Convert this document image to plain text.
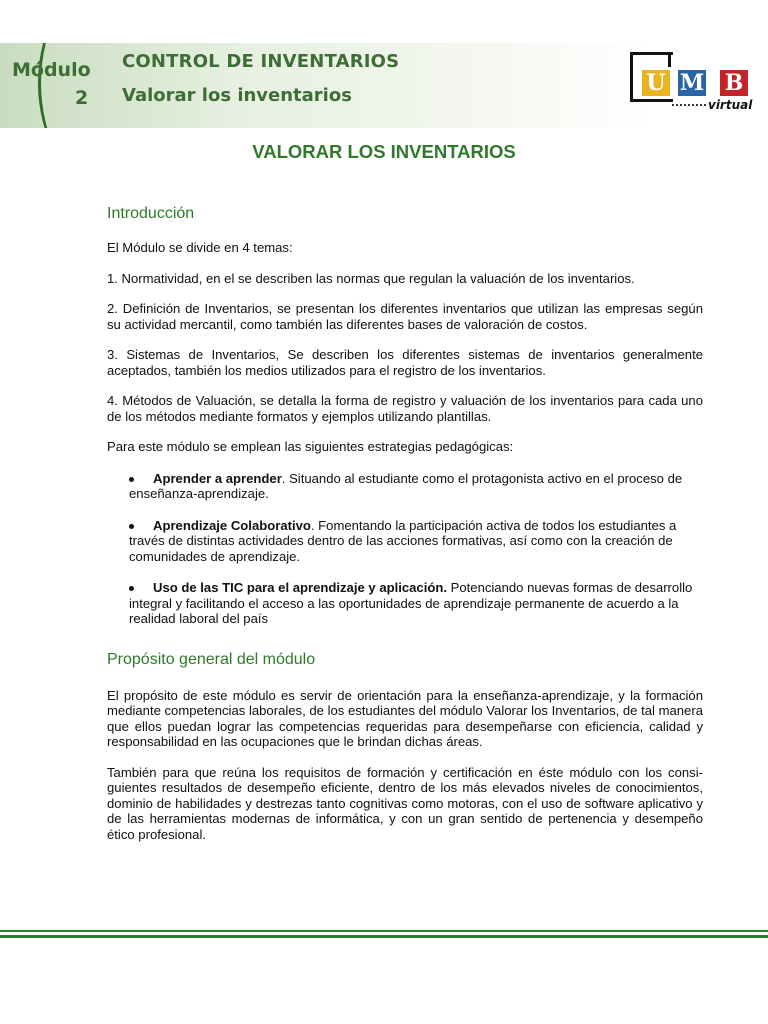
Módulo
2
CONTROL DE INVENTARIOS
Valorar los inventarios	U M B
virtual
VALORAR LOS INVENTARIOS
Introducción

El Módulo se divide en 4 temas:

1. Normatividad, en el se describen las normas que regulan la valuación de los inventarios.

2. Definición de Inventarios, se presentan los diferentes inventarios que utilizan las empresas según su actividad mercantil, como también las diferentes bases de valoración de costos.

3. Sistemas de Inventarios, Se describen los diferentes sistemas de inventarios generalmente aceptados, también los medios utilizados para el registro de los inventarios.

4. Métodos de Valuación, se detalla la forma de registro y valuación de los inventarios para cada uno de los métodos mediante formatos y ejemplos utilizando plantillas.

Para este módulo se emplean las siguientes estrategias pedagógicas:

Aprender a aprender. Situando al estudiante como el protagonista activo en el proceso de enseñanza-aprendizaje.
Aprendizaje Colaborativo. Fomentando la participación activa de todos los estudiantes a través de distintas actividades dentro de las acciones formativas, así como con la creación de comunidades de aprendizaje.
Uso de las TIC para el aprendizaje y aplicación. Potenciando nuevas formas de desarrollo integral y facilitando el acceso a las oportunidades de aprendizaje permanente de acuerdo a la realidad laboral del país
Propósito general del módulo

El propósito de este módulo es servir de orientación para la enseñanza-aprendizaje, y la formación mediante competencias laborales, de los estudiantes del módulo Valorar los Inventarios, de tal manera que ellos puedan lograr las competencias requeridas para desempeñarse con eficiencia, calidad y responsabilidad en las ocupaciones que le brindan dichas áreas.

También para que reúna los requisitos de formación y certificación en éste módulo con los consi-guientes resultados de desempeño eficiente, dentro de los más elevados niveles de conocimientos, dominio de habilidades y destrezas tanto cognitivas como motoras, con el uso de software aplicativo y de las herramientas modernas de informática, y con un gran sentido de pertenencia y desempeño ético profesional.
